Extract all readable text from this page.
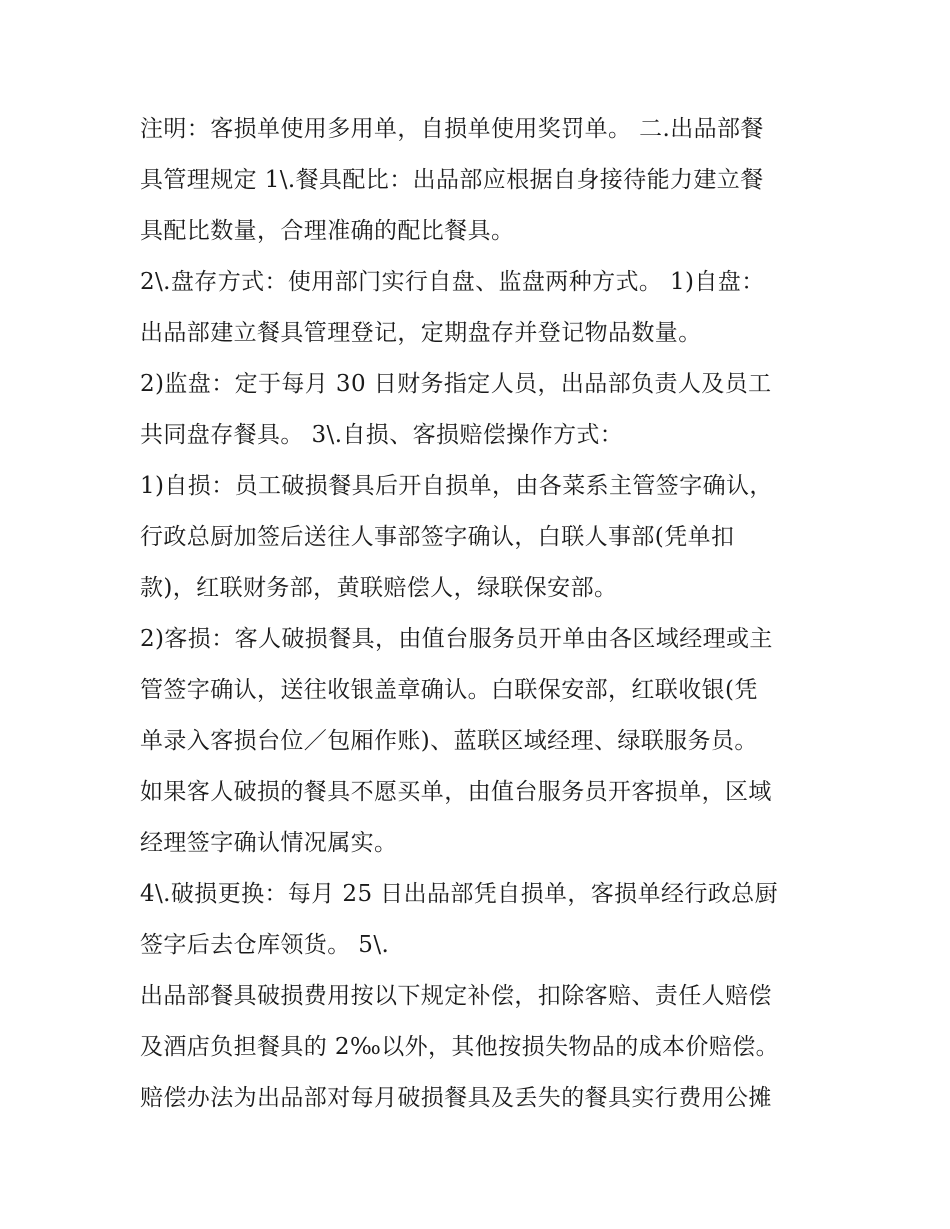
注明：客损单使用多用单，自损单使用奖罚单。 二.出品部餐
具管理规定 1\.餐具配比：出品部应根据自身接待能力建立餐
具配比数量，合理准确的配比餐具。
2\.盘存方式：使用部门实行自盘、监盘两种方式。 1)自盘：
出品部建立餐具管理登记，定期盘存并登记物品数量。
2)监盘：定于每月 30 日财务指定人员，出品部负责人及员工
共同盘存餐具。 3\.自损、客损赔偿操作方式：
1)自损：员工破损餐具后开自损单，由各菜系主管签字确认，
行政总厨加签后送往人事部签字确认，白联人事部(凭单扣
款)，红联财务部，黄联赔偿人，绿联保安部。
2)客损：客人破损餐具，由值台服务员开单由各区域经理或主
管签字确认，送往收银盖章确认。白联保安部，红联收银(凭
单录入客损台位／包厢作账)、蓝联区域经理、绿联服务员。
如果客人破损的餐具不愿买单，由值台服务员开客损单，区域
经理签字确认情况属实。
4\.破损更换：每月 25 日出品部凭自损单，客损单经行政总厨
签字后去仓库领货。 5\.
出品部餐具破损费用按以下规定补偿，扣除客赔、责任人赔偿
及酒店负担餐具的 2‰以外，其他按损失物品的成本价赔偿。
赔偿办法为出品部对每月破损餐具及丢失的餐具实行费用公摊
